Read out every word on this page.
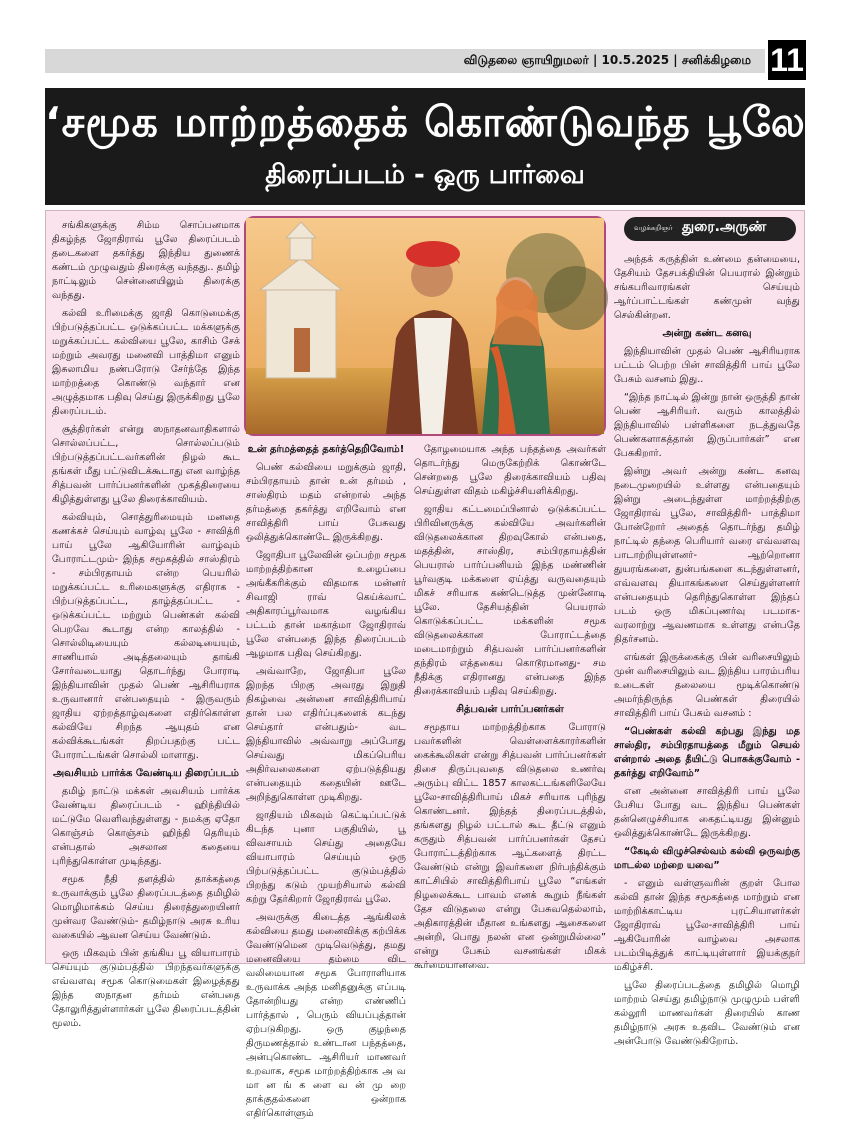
விடுதலை ஞாயிறுமலர் | 10.5.2025 | சனிக்கிழமை 11
‘சமூக மாற்றத்தைக் கொண்டுவந்த பூலே!’
திரைப்படம் - ஒரு பார்வை

சங்கிகளுக்கு சிம்ம சொப்பனமாக திகழ்ந்த ஜோதிராவ் பூலே திரைப்படம் தடைகளை தகர்த்து இந்திய துணைக் கண்டம் முழுவதும் திரைக்கு வந்தது.. தமிழ் நாட்டிலும் சென்னையிலும் திரைக்கு வந்தது.

கல்வி உரிமைக்கு ஜாதி கொடுமைக்கு பிற்படுத்தப்பட்ட ஒடுக்கப்பட்ட மக்களுக்கு மறுக்கப்பட்ட கல்வியை பூலே, காசிம் சேக் மற்றும் அவரது மனைவி பாத்திமா எனும் இசுலாமிய நண்பரோடு சேர்ந்தே இந்த மாற்றத்தை கொண்டு வந்தார் என அழுத்தமாக பதிவு செய்து இருக்கிறது பூலே திரைப்படம்.

சூத்திரர்கள் என்று ஸநாதனவாதிகளால் சொல்லப்பட்ட, சொல்லப்படும் பிற்படுத்தப்பட்டவர்களின் நிழல் கூட தங்கள் மீது பட்டுவிடக்கூடாது என வாழ்ந்த சித்பவன் பார்ப்பனர்களின் முகத்திரையை கிழித்துள்ளது பூலே திரைக்காவியம்.

கல்வியும், சொத்துரிமையும் மனதை கணக்கச் செய்யும் வாழ்வு பூலே - சாவித்ரி பாய் பூலே ஆகியோரின் வாழ்வும் போராட்டமும்- இந்த சமூகத்தில் சாஸ்திரம் - சம்பிரதாயம் என்ற பெயரில் மறுக்கப்பட்ட உரிமைகளுக்கு எதிராக - பிற்படுத்தப்பட்ட, தாழ்த்தப்பட்ட - ஒடுக்கப்பட்ட மற்றும் பெண்கள் கல்வி பெறவே கூடாது என்ற காலத்தில் - சொல்லிடியையும் கல்லடியையும், சாணியால் அடித்தலையும் தாங்கி சோர்வடையாது தொடர்ந்து போராடி இந்தியாவின் முதல் பெண் ஆசிரியராக உருவானார் என்பதையும் - இருவரும் ஜாதிய ஏற்றத்தாழ்வுகளை எதிர்கொள்ள கல்வியே சிறந்த ஆயுதம் என கல்விக்கூடங்கள் திறப்பதற்கு பட்ட போராட்டங்கள் சொல்லி மாளாது.

அவசியம் பார்க்க வேண்டிய திரைப்படம்

தமிழ் நாட்டு மக்கள் அவசியம் பார்க்க வேண்டிய திரைப்படம் - ஹிந்தியில் மட்டுமே வெளிவந்துள்ளது - நமக்கு ஏதோ கொஞ்சம் கொஞ்சம் ஹிந்தி தெரியும் என்பதால் அசலான கதையை புரிந்துகொள்ள முடிந்தது.

சமூக நீதி தளத்தில் தாக்கத்தை உருவாக்கும் பூலே திரைப்படத்தை தமிழில் மொழிமாக்கம் செய்ய திரைத்துறையினர் முன்வர வேண்டும்- தமிழ்நாடு அரசு உரிய வகையில் ஆவன செய்ய வேண்டும்.

ஒரு மிகவும் பின் தங்கிய பூ வியாபாரம் செய்யும் குடும்பத்தில் பிறந்தவர்களுக்கு எவ்வளவு சமூக கொடுமைகள் இழைத்தது இந்த ஸநாதன தர்மம் என்பதை தோலுரித்துள்ளார்கள் பூலே திரைப்படத்தின் மூலம்.

உன் தர்மத்தைத் தகர்த்தெறிவோம்!

பெண் கல்வியை மறுக்கும் ஜாதி, சம்பிரதாயம் தான் உன் தர்மம் , சாஸ்திரம் மதம் என்றால் அந்த தர்மத்தை தகர்த்து எறிவோம் என சாவித்திரி பாய் பேசுவது ஒலித்துக்கொண்டே இருக்கிறது.

ஜோதிபா பூலேவின் ஒப்பற்ற சமூக மாற்றத்திற்கான உழைப்பை அங்கீகரிக்கும் விதமாக மன்னர் சிவாஜி ராவ் கெய்க்வாட் அதிகாரப்பூர்வமாக வழங்கிய பட்டம் தான் மகாத்மா ஜோதிராவ் பூலே என்பதை இந்த திரைப்படம் ஆழமாக பதிவு செய்கிறது.

அவ்வாறே, ஜோதிபா பூலே இறந்த பிறகு அவரது இறுதி நிகழ்வை அன்னை சாவித்திரிபாய் தான் பல எதிர்ப்புகளைக் கடந்து செய்தார் என்பதும்- வட இந்தியாவில் அவ்வாறு அப்போது செய்வது மிகப்பெரிய அதிர்வலைகளை ஏற்படுத்தியது என்பதையும் கதையின் ஊடே அறிந்துகொள்ள முடிகிறது.

ஜாதியம் மிகவும் கெட்டிப்பட்டுக் கிடந்த புனா பகுதியில், பூ விவசாயம் செய்து அதையே வியாபாரம் செய்யும் ஒரு பிற்படுத்தப்பட்ட குடும்பத்தில் பிறந்து கடும் முயற்சியால் கல்வி கற்று தேர்கிறார் ஜோதிராவ் பூலே.

அவருக்கு கிடைத்த ஆங்கிலக் கல்வியை தமது மனைவிக்கு கற்பிக்க வேண்டுமென முடிவெடுத்து, தமது மனைவியை தம்மை விட வலிமையான சமூக போராளியாக உருவாக்க அந்த மனிதனுக்கு எப்படி தோன்றியது என்ற எண்ணிப் பார்த்தால் , பெரும் வியப்புத்தான் ஏற்படுகிறது. ஒரு குழந்தை திருமணத்தால் உண்டான பந்தத்தை, அன்புகொண்ட ஆசிரியர் மாணவர் உறவாக, சமூக மாற்றத்திற்காக அ வ மா ன ங் க ளை வ ன் மு றை தாக்குதல்களை ஒன்றாக எதிர்கொள்ளும்

தோழமையாக அந்த பந்தத்தை அவர்கள் தொடர்ந்து மெருகேற்றிக் கொண்டே சென்றதை பூலே திரைக்காவியம் பதிவு செய்துள்ள விதம் மகிழ்ச்சியளிக்கிறது.

ஜாதிய கட்டமைப்பினால் ஒடுக்கப்பட்ட பிரிவினருக்கு கல்வியே அவர்களின் விடுதலைக்கான திறவுகோல் என்பதை, மதத்தின், சாஸ்திர, சம்பிரதாயத்தின் பெயரால் பார்ப்பனியம் இந்த மண்ணின் பூர்வகுடி மக்களை ஏய்த்து வருவதையும் மிகச் சரியாக கண்டெடுத்த முன்னோடி பூலே. தேசியத்தின் பெயரால் கொடுக்கப்பட்ட மக்களின் சமூக விடுதலைக்கான போராட்டத்தை மடைமாற்றும் சித்பவன் பார்ப்பனர்களின் தந்திரம் எத்தகைய கொடூரமானது- சம நீதிக்கு எதிரானது என்பதை இந்த திரைக்காவியம் பதிவு செய்கிறது.

சித்பவன் பார்ப்பனர்கள்

சமூதாய மாற்றத்திற்காக போராடு பவர்களின் வெள்ளைக்காரர்களின் கைக்கூலிகள் என்று சித்பவன் பார்ப்பனர்கள் திசை திருப்புவதை விடுதலை உணர்வு அரும்பு விட்ட 1857 காலகட்டங்களிலேயே பூலே-சாவித்திரிபாய் மிகச் சரியாக புரிந்து கொண்டனர். இந்தத் திரைப்படத்தில், தங்களது நிழல் பட்டால் கூட தீட்டு எனும் கருதும் சித்பவன் பார்ப்பனர்கள் தேசப் போராட்டத்திற்காக ஆட்களைத் திரட்ட வேண்டும் என்று இவர்களை நிர்பந்திக்கும் காட்சியில் சாவித்திரிபாய் பூலே “எங்கள் நிழலைக்கூட பாவம் எனக் கூறும் நீங்கள் தேச விடுதலை என்று பேசுவதெல்லாம், அதிகாரத்தின் மீதான உங்களது ஆசைகளை அன்றி, பொது நலன் என ஒன்றுமில்லை” என்று பேசும் வசனங்கள் மிகக் கூர்மையானவை.

வழக்கறிஞர் துரை.அருண்

அந்தக் கருத்தின் உண்மை தன்மையை, தேசியம் தேசபக்தியின் பெயரால் இன்றும் சங்கபரிவாரங்கள் செய்யும் ஆர்ப்பாட்டங்கள் கண்முன் வந்து செல்கின்றன.

அன்று கண்ட கனவு

இந்தியாவின் முதல் பெண் ஆசிரியராக பட்டம் பெற்ற பின் சாவித்திரி பாய் பூலே பேசும் வசனம் இது..

“இந்த நாட்டில் இன்று நான் ஒருத்தி தான் பெண் ஆசிரியர். வரும் காலத்தில் இந்தியாவில் பள்ளிகளை நடத்துவதே பெண்களாகத்தான் இருப்பார்கள்” என பேசுகிறார்.

இன்று அவர் அன்று கண்ட கனவு நடைமுறையில் உள்ளது என்பதையும் இன்று அடைந்துள்ள மாற்றத்திற்கு ஜோதிராவ் பூலே, சாவித்திரி- பாத்திமா போன்றோர் அதைத் தொடர்ந்து தமிழ் நாட்டில் தந்தை பெரியார் வரை எவ்வளவு பாடாற்றியுள்ளனர்- ஆற்றொனா துயரங்களை, துன்பங்களை கடந்துள்ளனர், எவ்வளவு தியாகங்களை செய்துள்ளனர் என்பதையும் தெரிந்துகொள்ள இந்தப் படம் ஒரு மிகப்புணர்வு படமாக- வரலாற்று ஆவணமாக உள்ளது என்பதே நிதர்சனம்.

எங்கள் இருக்கைக்கு பின் வரிசையிலும் முன் வரிசையிலும் வட இந்திய பாரம்பரிய உடைகள் தலையை மூடிக்கொண்டு அமர்ந்திருந்த பெண்கள் திரையில் சாவித்திரி பாய் பேசும் வசனம் :

“பெண்கள் கல்வி கற்பது இந்து மத சாஸ்திர, சம்பிரதாயத்தை மீறும் செயல் என்றால் அதை தீயிட்டு பொசுக்குவோம் - தகர்த்து எறிவோம்”

என அன்னை சாவித்திரி பாய் பூலே பேசிய போது வட இந்திய பெண்கள் தன்னெழுச்சியாக கைதட்டியது இன்னும் ஒலித்துக்கொண்டே இருக்கிறது.

“கேடில் விழுச்செல்வம் கல்வி ஒருவற்கு மாடல்ல மற்றை யவை”

- எனும் வள்ளுவரின் குறள் போல கல்வி தான் இந்த சமூகத்தை மாற்றும் என மாற்றிக்காட்டிய புரட்சியாளர்கள் ஜோதிராவ் பூலே-சாவித்திரி பாய் ஆகியோரின் வாழ்வை அசலாக படம்பிடித்துக் காட்டியுள்ளார் இயக்குநர் மகிழ்ச்சி.

பூலே திரைப்படத்தை தமிழில் மொழி மாற்றம் செய்து தமிழ்நாடு முழுமும் பள்ளி கல்லூரி மாணவர்கள் திரையில் காண தமிழ்நாடு அரசு உதவிட வேண்டும் என அன்போடு வேண்டுகிறோம்.
